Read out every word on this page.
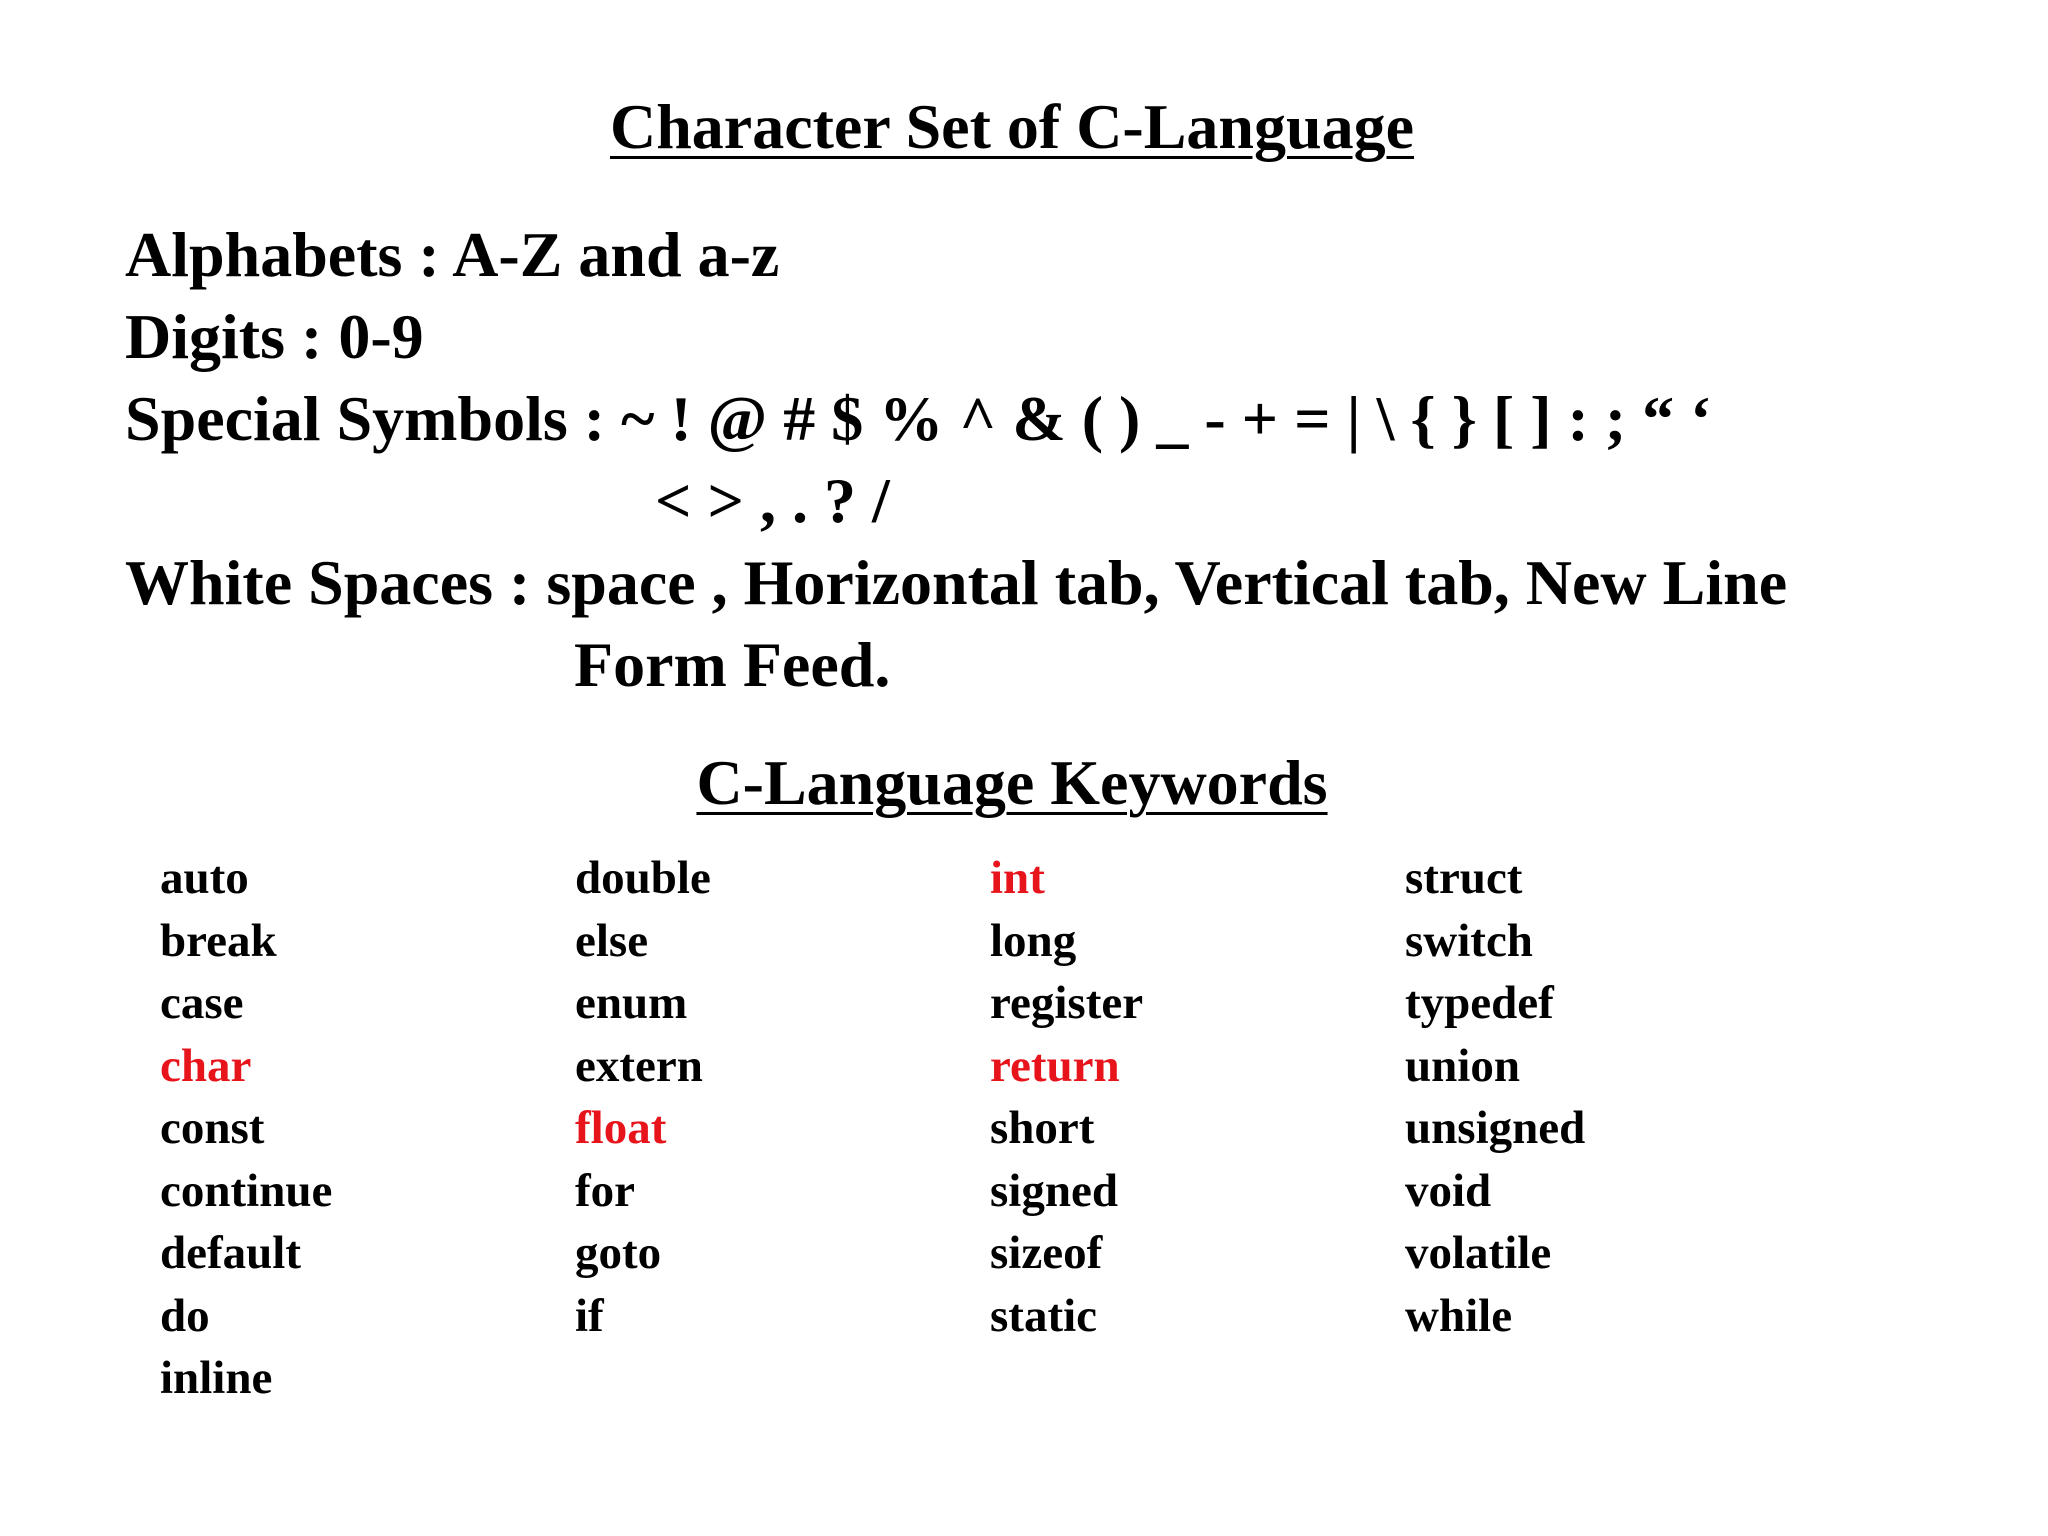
Character Set of C-Language
Alphabets : A-Z and a-z
Digits : 0-9
Special Symbols : ~ ! @ # $ % ^ & ( ) _ - + = | \ { } [ ] : ; “ ‘
< > , . ? /
White Spaces : space , Horizontal tab, Vertical tab, New Line
Form Feed.
C-Language Keywords
auto
break
case
char
const
continue
default
do
inline
double
else
enum
extern
float
for
goto
if
int
long
register
return
short
signed
sizeof
static
struct
switch
typedef
union
unsigned
void
volatile
while
